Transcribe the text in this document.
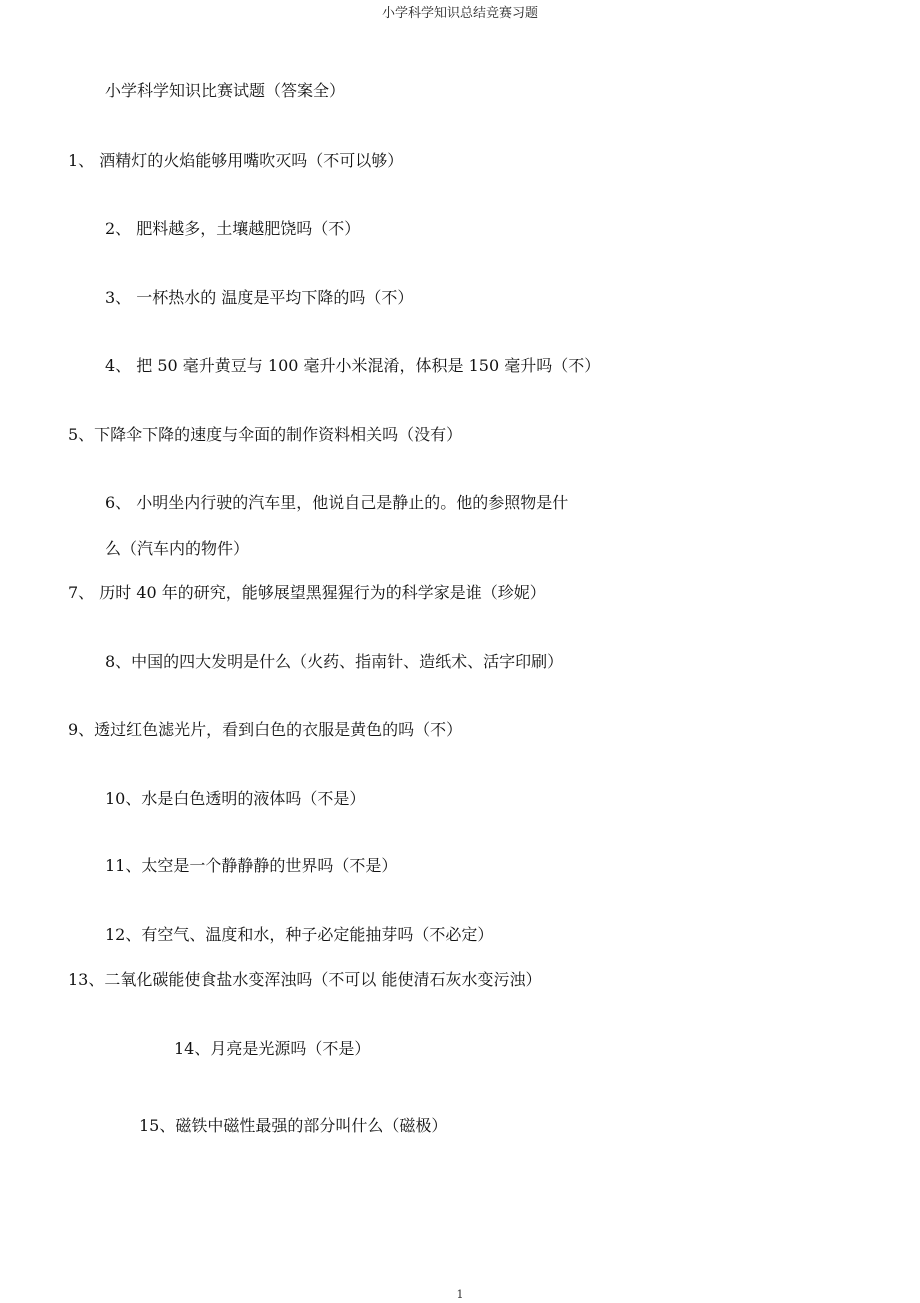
小学科学知识总结竞赛习题
小学科学知识比赛试题（答案全）
1、 酒精灯的火焰能够用嘴吹灭吗（不可以够）
2、 肥料越多，土壤越肥饶吗（不）
3、 一杯热水的 温度是平均下降的吗（不）
4、 把 50 毫升黄豆与 100 毫升小米混淆，体积是 150 毫升吗（不）
5、下降伞下降的速度与伞面的制作资料相关吗（没有）
6、 小明坐内行驶的汽车里，他说自己是静止的。他的参照物是什
么（汽车内的物件）
7、 历时 40 年的研究，能够展望黑猩猩行为的科学家是谁（珍妮）
8、中国的四大发明是什么（火药、指南针、造纸术、活字印刷）
9、透过红色滤光片，看到白色的衣服是黄色的吗（不）
10、水是白色透明的液体吗（不是）
11、太空是一个静静静的世界吗（不是）
12、有空气、温度和水，种子必定能抽芽吗（不必定）
13、二氧化碳能使食盐水变浑浊吗（不可以 能使清石灰水变污浊）
14、月亮是光源吗（不是）
15、磁铁中磁性最强的部分叫什么（磁极）
1
